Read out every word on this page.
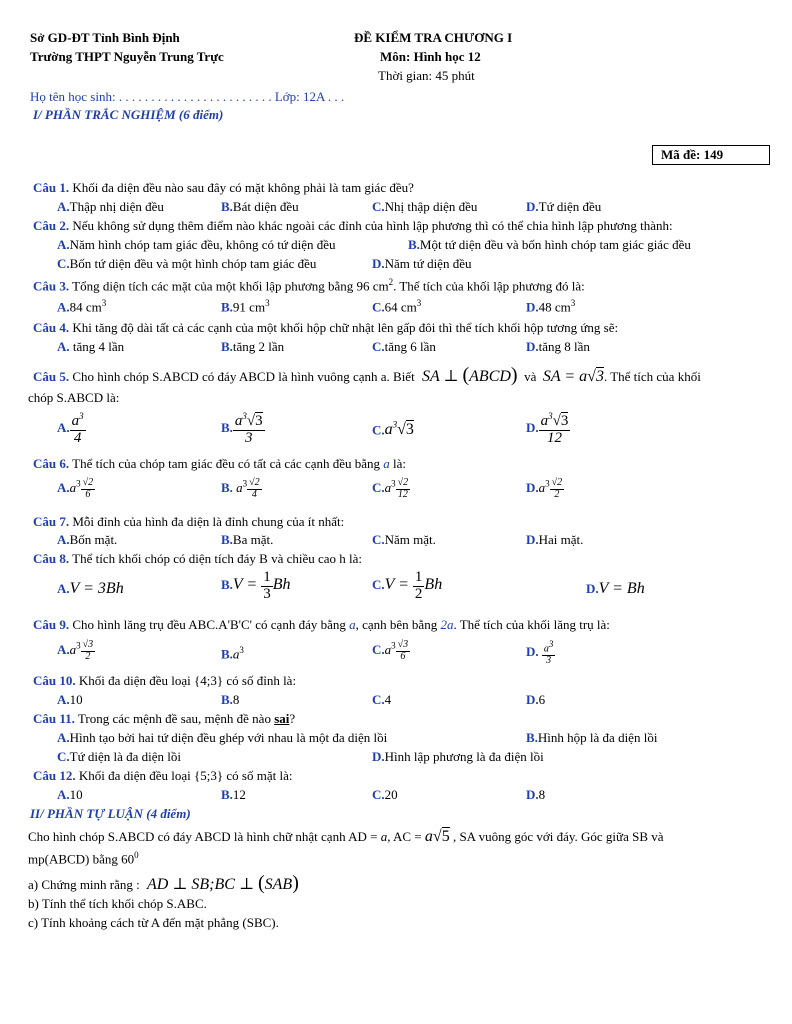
Sở GD-ĐT Tỉnh Bình Định
Trường THPT Nguyễn Trung Trực
ĐỀ KIỂM TRA CHƯƠNG I
Môn: Hình học 12
Thời gian: 45 phút
Họ tên học sinh: . . . . . . . . . . . . . . . . . . . . . . . . Lớp: 12A . . .
I/ PHẦN TRẮC NGHIỆM (6 điểm)
Mã đề: 149
Câu 1. Khối đa diện đều nào sau đây có mặt không phải là tam giác đều?
A.Thập nhị diện đều	B.Bát diện đều	C.Nhị thập diện đều	D.Tứ diện đều
Câu 2. Nếu không sử dụng thêm điểm nào khác ngoài các đỉnh của hình lập phương thì có thể chia hình lập phương thành:
A.Năm hình chóp tam giác đều, không có tứ diện đều	B.Một tứ diện đều và bốn hình chóp tam giác giác đều
C.Bốn tứ diện đều và một hình chóp tam giác đều	D.Năm tứ diện đều
Câu 3. Tổng diện tích các mặt của một khối lập phương bằng 96 $cm^2$. Thể tích của khối lập phương đó là:
A.84 $cm^3$	B.91 $cm^3$	C.64 $cm^3$	D.48 $cm^3$
Câu 4. Khi tăng độ dài tất cả các cạnh của một khối hộp chữ nhật lên gấp đôi thì thể tích khối hộp tương ứng sẽ:
A. tăng 4 lần	B.tăng 2 lần	C.tăng 6 lần	D.tăng 8 lần
Câu 5. Cho hình chóp S.ABCD có đáy ABCD là hình vuông cạnh a. Biết  SA ⊥ (ABCD) và SA = a√3. Thể tích của khối
chóp S.ABCD là:
A. $\frac{a^3}{4}$	B. $\frac{a^3√3}{3}$	$C.a^3√3$	D. $\frac{a^3√3}{12}$
Câu 6. Thể tích của chóp tam giác đều có tất cả các cạnh đều bằng a là:
$A.a^3 \frac{√2}{6}$	B. $a^3 \frac{√2}{4}$	$C.a^3 \frac{√2}{12}$	$D.a^3 \frac{√2}{2}$
Câu 7. Mỗi đỉnh của hình đa diện là đỉnh chung của ít nhất:
A.Bốn mặt.	B.Ba mặt.	C.Năm mặt.	D.Hai mặt.
Câu 8. Thể tích khối chóp có diện tích đáy B và chiều cao h là:
A.V = 3Bh	$B.V = \frac{1}{3}$ Bh	$C.V = \frac{1}{2}$ Bh	D.V = Bh
Câu 9. Cho hình lăng trụ đều ABC.A'B'C' có cạnh đáy bằng a, cạnh bên bằng 2a. Thể tích của khối lăng trụ là:
$A.a^3 \frac{√3}{2}$	$B.a^3$	$C.a^3 \frac{√3}{6}$	D. $\frac{a^3}{3}$
Câu 10. Khối đa diện đều loại {4;3} có số đỉnh là:
A.10	B.8	C.4	D.6
Câu 11. Trong các mệnh đề sau, mệnh đề nào sai?
A.Hình tạo bởi hai tứ diện đều ghép với nhau là một đa diện lồi	B.Hình hộp là đa diện lồi
C.Tứ diện là đa diện lồi	D.Hình lập phương là đa điện lồi
Câu 12. Khối đa diện đều loại {5;3} có số mặt là:
A.10	B.12	C.20	D.8
II/ PHẦN TỰ LUẬN (4 điểm)
Cho hình chóp S.ABCD có đáy ABCD là hình chữ nhật cạnh AD = a, AC = a√5 , SA vuông góc với đáy. Góc giữa SB và
mp(ABCD) bằng $60^0$
a) Chứng minh rằng :  AD ⊥ SB;BC ⊥ (SAB)
b) Tính thể tích khối chóp S.ABC.
c) Tính khoảng cách từ A đến mặt phẳng (SBC).
